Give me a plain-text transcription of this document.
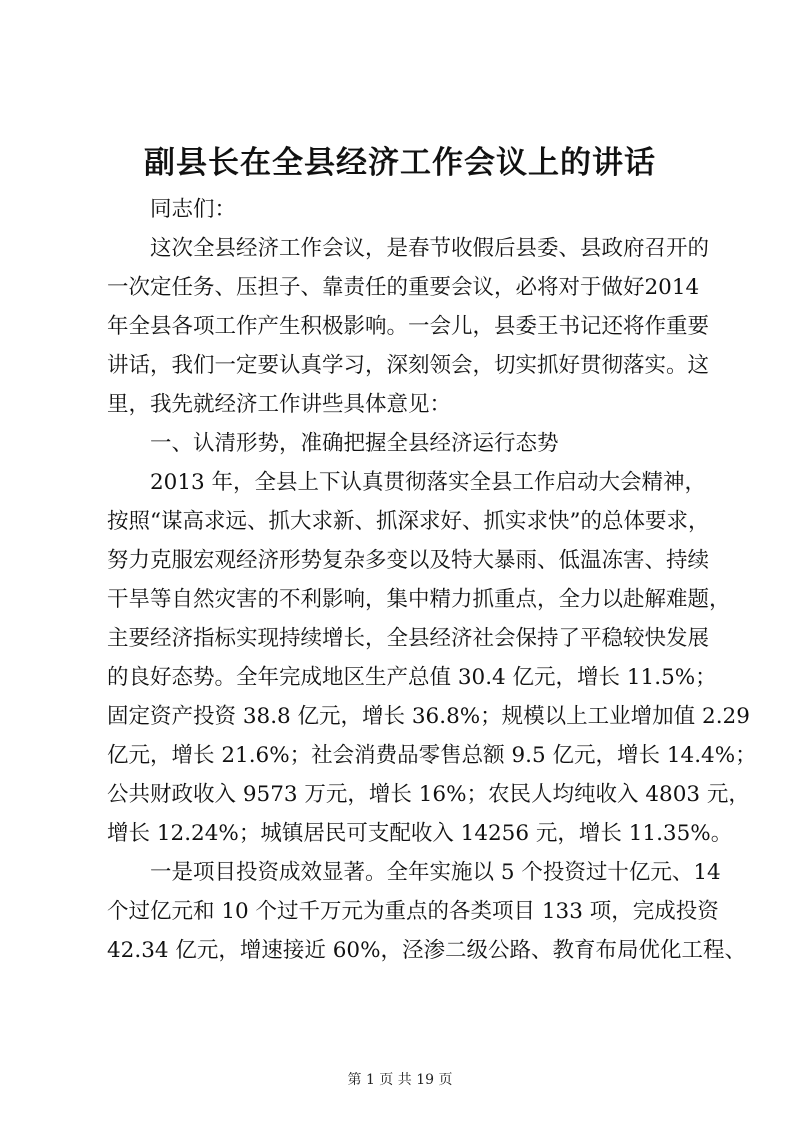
副县长在全县经济工作会议上的讲话
同志们：
这次全县经济工作会议，是春节收假后县委、县政府召开的
一次定任务、压担子、靠责任的重要会议，必将对于做好2014
年全县各项工作产生积极影响。一会儿，县委王书记还将作重要
讲话，我们一定要认真学习，深刻领会，切实抓好贯彻落实。这
里，我先就经济工作讲些具体意见：
一、认清形势，准确把握全县经济运行态势
2013 年，全县上下认真贯彻落实全县工作启动大会精神，
按照“谋高求远、抓大求新、抓深求好、抓实求快”的总体要求，
努力克服宏观经济形势复杂多变以及特大暴雨、低温冻害、持续
干旱等自然灾害的不利影响，集中精力抓重点，全力以赴解难题，
主要经济指标实现持续增长，全县经济社会保持了平稳较快发展
的良好态势。全年完成地区生产总值 30.4 亿元，增长 11.5%；
固定资产投资 38.8 亿元，增长 36.8%；规模以上工业增加值 2.29
亿元，增长 21.6%；社会消费品零售总额 9.5 亿元，增长 14.4%；
公共财政收入 9573 万元，增长 16%；农民人均纯收入 4803 元，
增长 12.24%；城镇居民可支配收入 14256 元，增长 11.35%。
一是项目投资成效显著。全年实施以 5 个投资过十亿元、14
个过亿元和 10 个过千万元为重点的各类项目 133 项，完成投资
42.34 亿元，增速接近 60%，泾渗二级公路、教育布局优化工程、
第 1 页 共 19 页
